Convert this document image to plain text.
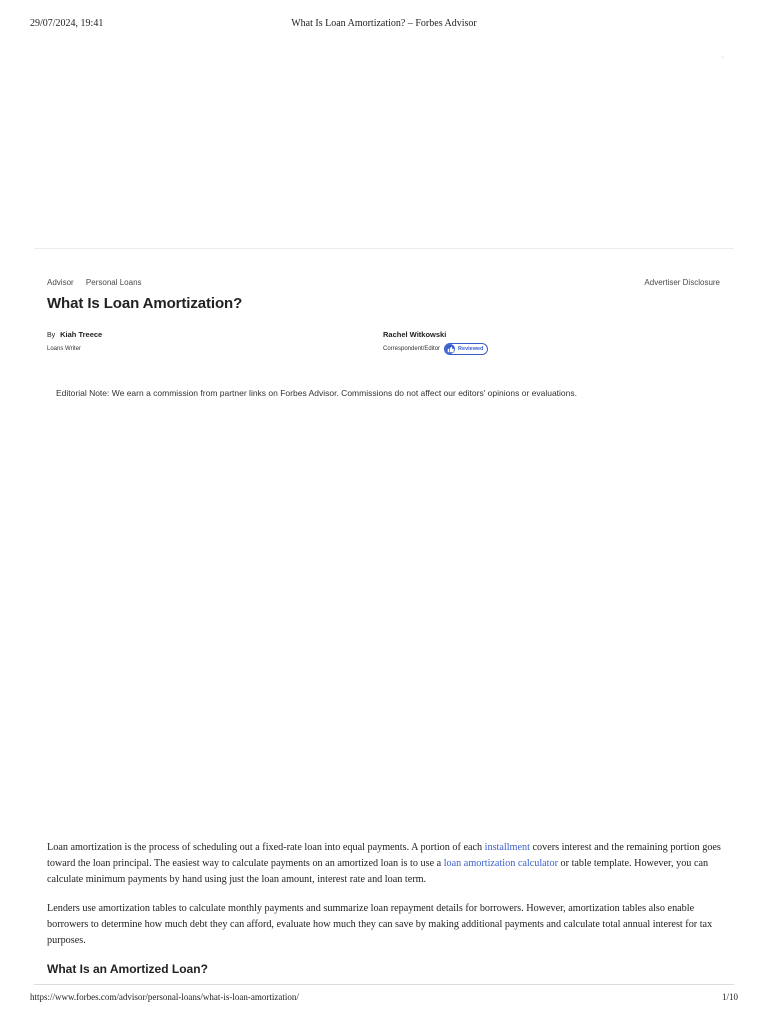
29/07/2024, 19:41	What Is Loan Amortization? – Forbes Advisor
▫
Advisor Personal Loans	Advertiser Disclosure
What Is Loan Amortization?
By Kiah Treece
Loans Writer
Rachel Witkowski
Correspondent/Editor	Reviewed
Editorial Note: We earn a commission from partner links on Forbes Advisor. Commissions do not affect our editors' opinions or evaluations.

Loan amortization is the process of scheduling out a fixed-rate loan into equal payments. A portion of each installment covers interest and the remaining portion goes toward the loan principal. The easiest way to calculate payments on an amortized loan is to use a loan amortization calculator or table template. However, you can calculate minimum payments by hand using just the loan amount, interest rate and loan term.

Lenders use amortization tables to calculate monthly payments and summarize loan repayment details for borrowers. However, amortization tables also enable borrowers to determine how much debt they can afford, evaluate how much they can save by making additional payments and calculate total annual interest for tax purposes.

What Is an Amortized Loan?
https://www.forbes.com/advisor/personal-loans/what-is-loan-amortization/	1/10
